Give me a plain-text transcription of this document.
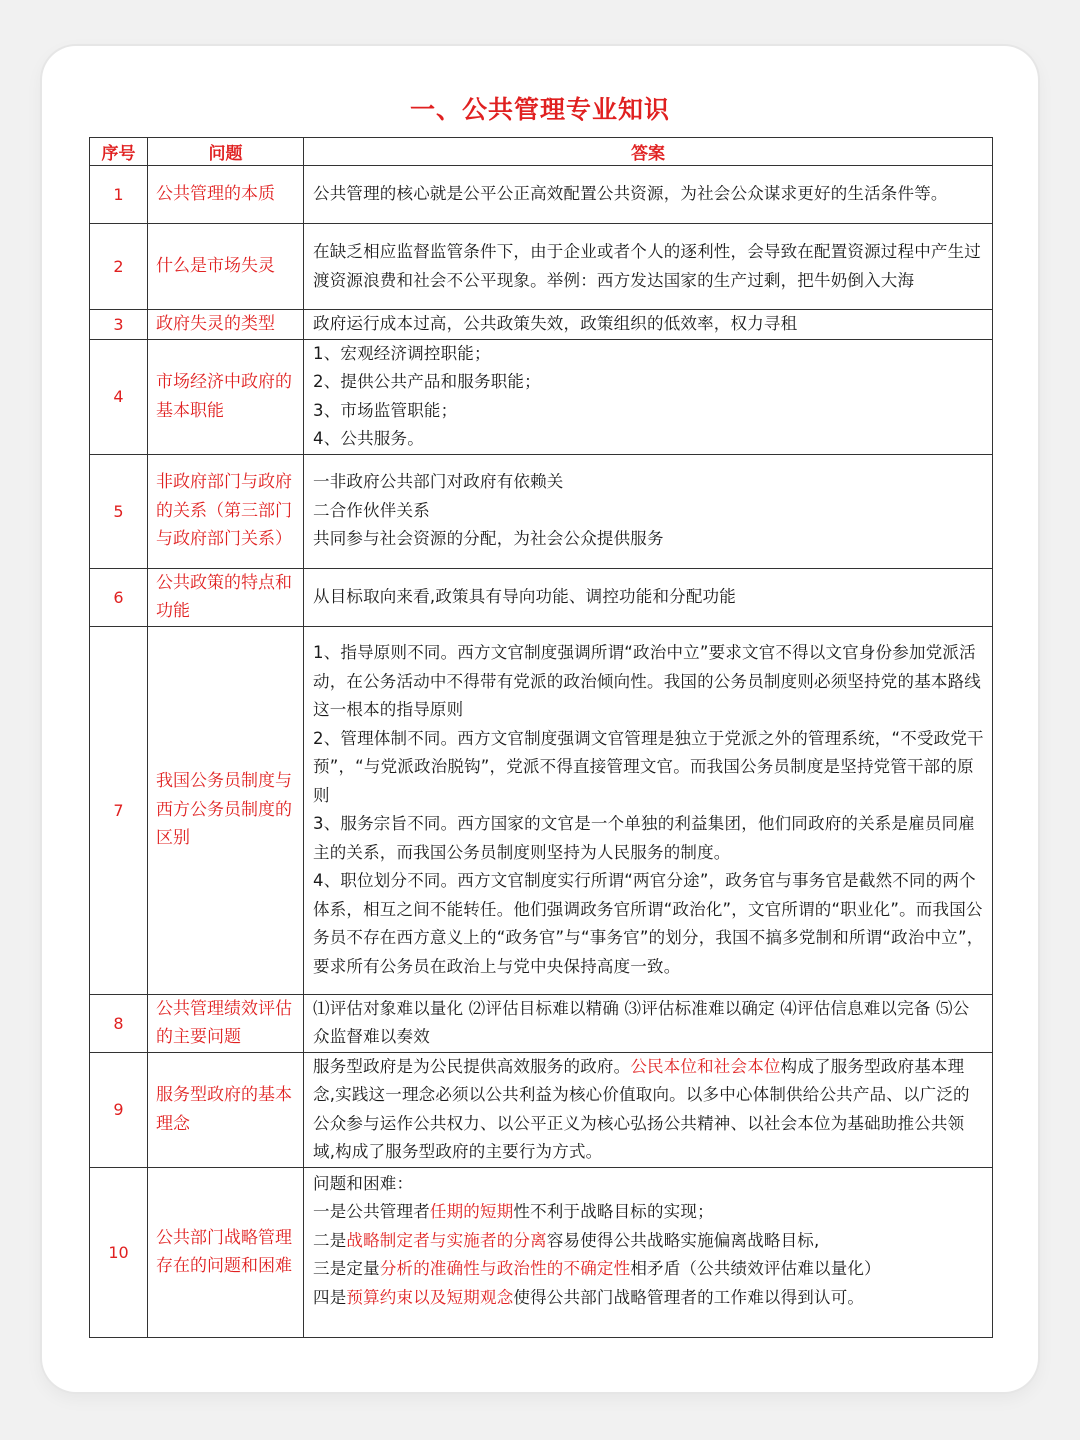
一、公共管理专业知识
序号	问题	答案
1	公共管理的本质	公共管理的核心就是公平公正高效配置公共资源，为社会公众谋求更好的生活条件等。
2	什么是市场失灵	在缺乏相应监督监管条件下，由于企业或者个人的逐利性，会导致在配置资源过程中产生过渡资源浪费和社会不公平现象。举例：西方发达国家的生产过剩，把牛奶倒入大海
3	政府失灵的类型	政府运行成本过高，公共政策失效，政策组织的低效率，权力寻租
4	市场经济中政府的基本职能	1、宏观经济调控职能；
2、提供公共产品和服务职能；
3、市场监管职能；
4、公共服务。

5	非政府部门与政府的关系（第三部门与政府部门关系）	一非政府公共部门对政府有依赖关
二合作伙伴关系
共同参与社会资源的分配，为社会公众提供服务

6	公共政策的特点和功能	从目标取向来看,政策具有导向功能、调控功能和分配功能
7	我国公务员制度与西方公务员制度的区别	1、指导原则不同。西方文官制度强调所谓“政治中立”要求文官不得以文官身份参加党派活动，在公务活动中不得带有党派的政治倾向性。我国的公务员制度则必须坚持党的基本路线这一根本的指导原则
2、管理体制不同。西方文官制度强调文官管理是独立于党派之外的管理系统，“不受政党干预”，“与党派政治脱钩”，党派不得直接管理文官。而我国公务员制度是坚持党管干部的原则
3、服务宗旨不同。西方国家的文官是一个单独的利益集团，他们同政府的关系是雇员同雇主的关系，而我国公务员制度则坚持为人民服务的制度。
4、职位划分不同。西方文官制度实行所谓“两官分途”，政务官与事务官是截然不同的两个体系，相互之间不能转任。他们强调政务官所谓“政治化”，文官所谓的“职业化”。而我国公务员不存在西方意义上的“政务官”与“事务官”的划分，我国不搞多党制和所谓“政治中立”，要求所有公务员在政治上与党中央保持高度一致。

8	公共管理绩效评估的主要问题	⑴评估对象难以量化 ⑵评估目标难以精确 ⑶评估标准难以确定 ⑷评估信息难以完备 ⑸公众监督难以奏效
9	服务型政府的基本理念	服务型政府是为公民提供高效服务的政府。公民本位和社会本位构成了服务型政府基本理念,实践这一理念必须以公共利益为核心价值取向。以多中心体制供给公共产品、以广泛的公众参与运作公共权力、以公平正义为核心弘扬公共精神、以社会本位为基础助推公共领域,构成了服务型政府的主要行为方式。
10	公共部门战略管理存在的问题和困难	问题和困难：
一是公共管理者任期的短期性不利于战略目标的实现；
二是战略制定者与实施者的分离容易使得公共战略实施偏离战略目标,
三是定量分析的准确性与政治性的不确定性相矛盾（公共绩效评估难以量化）
四是预算约束以及短期观念使得公共部门战略管理者的工作难以得到认可。
